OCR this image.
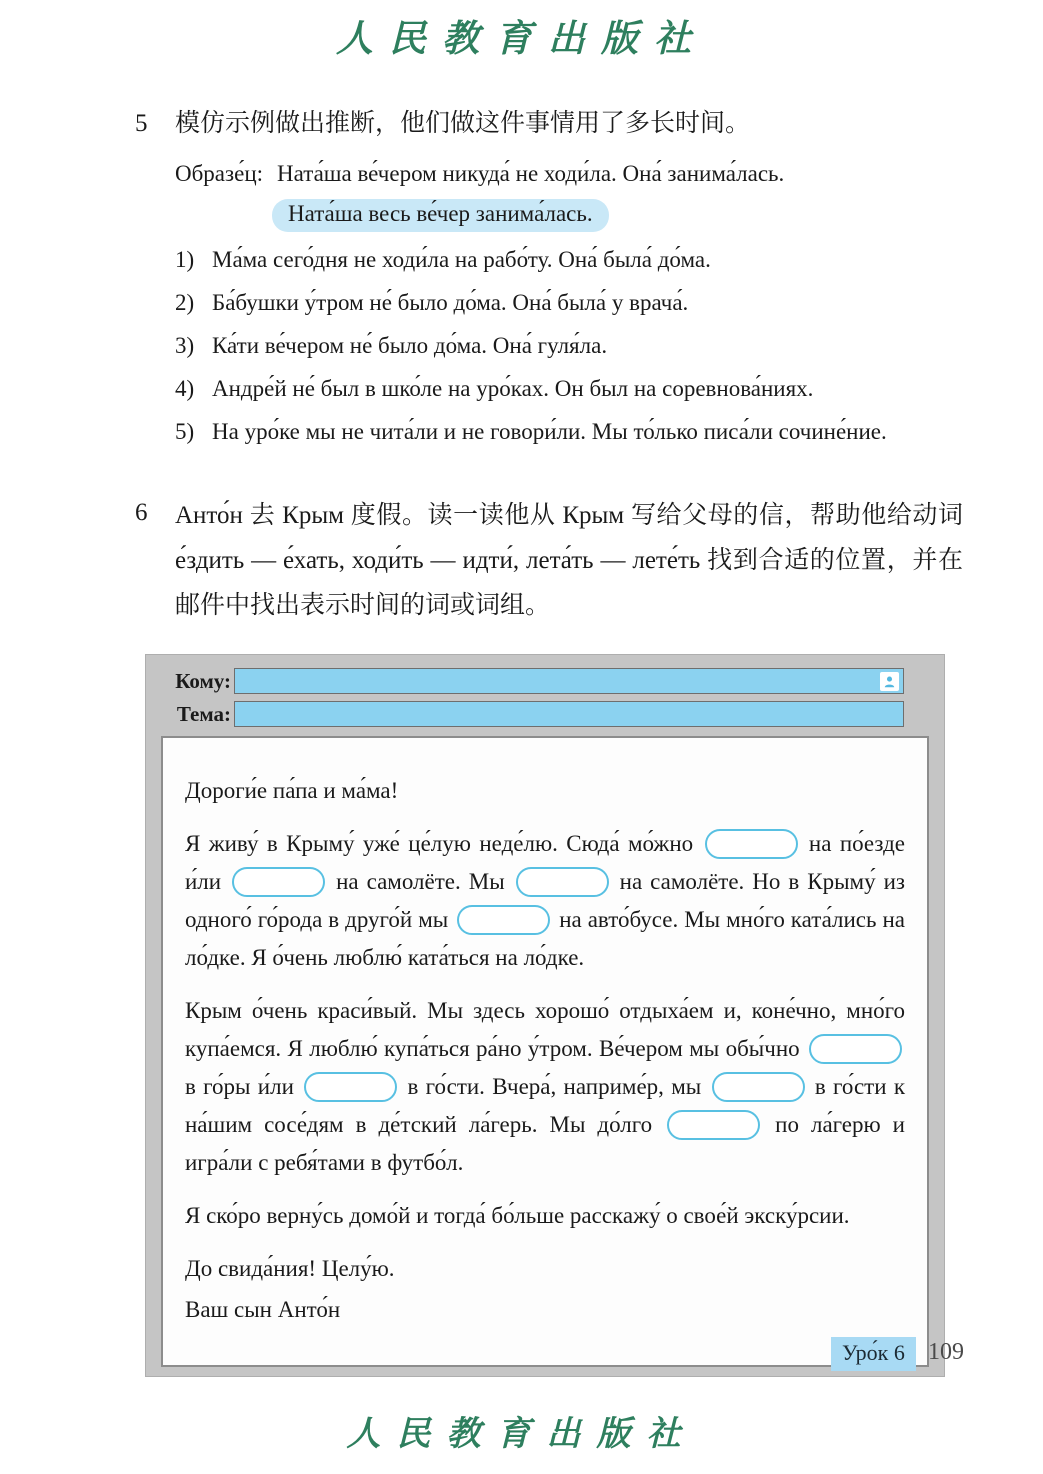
人民教育出版社
5	模仿示例做出推断，他们做这件事情用了多长时间。
Образе́ц: Ната́ша ве́чером никуда́ не ходи́ла. Она́ занима́лась.
Ната́ша весь ве́чер занима́лась.
1) Ма́ма сего́дня не ходи́ла на рабо́ту. Она́ была́ до́ма.
2) Ба́бушки у́тром не́ было до́ма. Она́ была́ у врача́.
3) Ка́ти ве́чером не́ было до́ма. Она́ гуля́ла.
4) Андре́й не́ был в шко́ле на уро́ках. Он был на соревнова́ниях.
5) На уро́ке мы не чита́ли и не говори́ли. Мы то́лько писа́ли сочине́ние.
6	Анто́н 去 Крым 度假。读一读他从 Крым 写给父母的信，帮助他给动词 е́здить — е́хать, ходи́ть — идти́, лета́ть — лете́ть 找到合适的位置，并在邮件中找出表示时间的词或词组。
Кому:
Тема:

Дороги́е па́па и ма́ма!

Я живу́ в Крыму́ уже́ це́лую неде́лю. Сюда́ мо́жно	на по́езде и́ли	на самолёте. Мы	на самолёте. Но в Крыму́ из одного́ го́рода в друго́й мы	на авто́бусе. Мы мно́го ката́лись на ло́дке. Я о́чень люблю́ ката́ться на ло́дке.

Крым о́чень краси́вый. Мы здесь хорошо́ отдыха́ем и, коне́чно, мно́го купа́емся. Я люблю́ купа́ться ра́но у́тром. Ве́чером мы обы́чно  в го́ры и́ли	в го́сти. Вчера́, наприме́р, мы	в го́сти к на́шим сосе́дям в де́тский ла́герь. Мы до́лго	по ла́герю и игра́ли с ребя́тами в футбо́л.

Я ско́ро верну́сь домо́й и тогда́ бо́льше расскажу́ о свое́й экску́рсии.

До свида́ния! Целу́ю.

Ваш сын Анто́н

Уро́к 6 109
人民教育出版社
